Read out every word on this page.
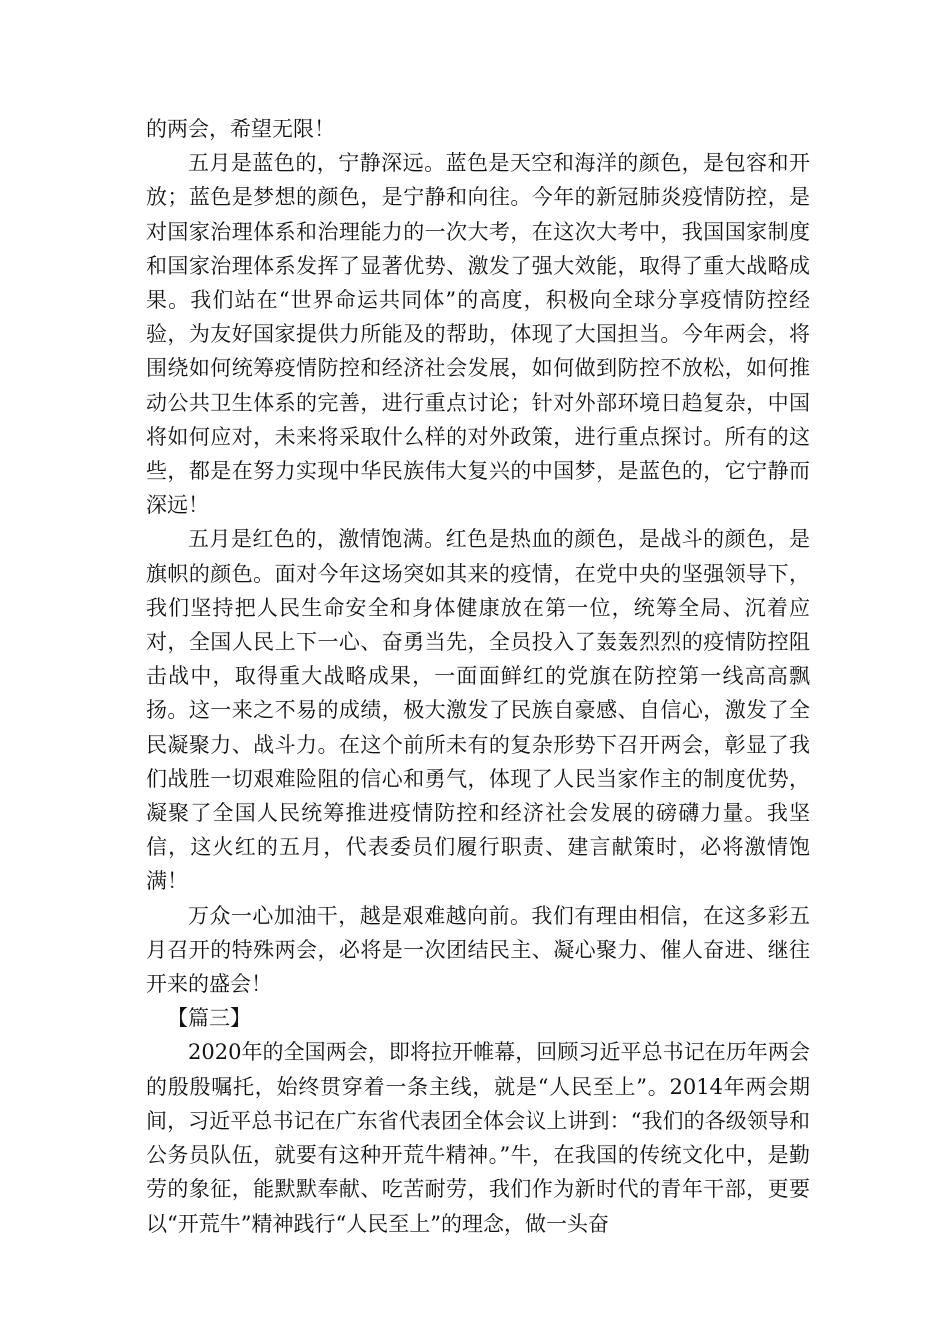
的两会，希望无限！

五月是蓝色的，宁静深远。蓝色是天空和海洋的颜色，是包容和开放；蓝色是梦想的颜色，是宁静和向往。今年的新冠肺炎疫情防控，是对国家治理体系和治理能力的一次大考，在这次大考中，我国国家制度和国家治理体系发挥了显著优势、激发了强大效能，取得了重大战略成果。我们站在“世界命运共同体”的高度，积极向全球分享疫情防控经验，为友好国家提供力所能及的帮助，体现了大国担当。今年两会，将围绕如何统筹疫情防控和经济社会发展，如何做到防控不放松，如何推动公共卫生体系的完善，进行重点讨论；针对外部环境日趋复杂，中国将如何应对，未来将采取什么样的对外政策，进行重点探讨。所有的这些，都是在努力实现中华民族伟大复兴的中国梦，是蓝色的，它宁静而深远！

五月是红色的，激情饱满。红色是热血的颜色，是战斗的颜色，是旗帜的颜色。面对今年这场突如其来的疫情，在党中央的坚强领导下，我们坚持把人民生命安全和身体健康放在第一位，统筹全局、沉着应对，全国人民上下一心、奋勇当先，全员投入了轰轰烈烈的疫情防控阻击战中，取得重大战略成果，一面面鲜红的党旗在防控第一线高高飘扬。这一来之不易的成绩，极大激发了民族自豪感、自信心，激发了全民凝聚力、战斗力。在这个前所未有的复杂形势下召开两会，彰显了我们战胜一切艰难险阻的信心和勇气，体现了人民当家作主的制度优势，凝聚了全国人民统筹推进疫情防控和经济社会发展的磅礴力量。我坚信，这火红的五月，代表委员们履行职责、建言献策时，必将激情饱满！

万众一心加油干，越是艰难越向前。我们有理由相信，在这多彩五月召开的特殊两会，必将是一次团结民主、凝心聚力、催人奋进、继往开来的盛会！

【篇三】

2020年的全国两会，即将拉开帷幕，回顾习近平总书记在历年两会的殷殷嘱托，始终贯穿着一条主线，就是“人民至上”。2014年两会期间，习近平总书记在广东省代表团全体会议上讲到：“我们的各级领导和公务员队伍，就要有这种开荒牛精神。”牛，在我国的传统文化中，是勤劳的象征，能默默奉献、吃苦耐劳，我们作为新时代的青年干部，更要以“开荒牛”精神践行“人民至上”的理念，做一头奋
